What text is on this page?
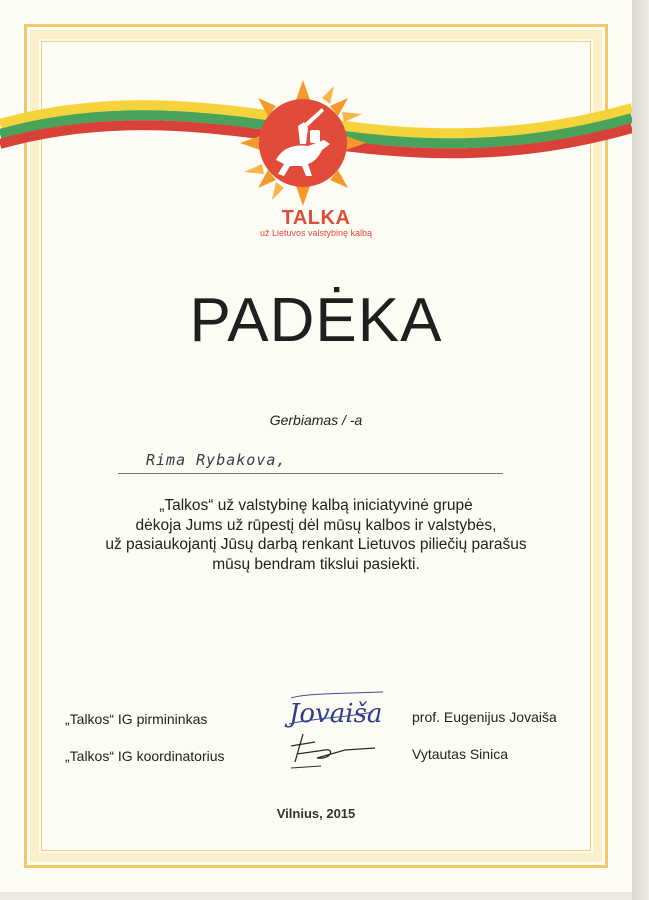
TALKA
už Lietuvos valstybinę kalbą
PADĖKA
Gerbiamas / -a
Rima Rybakova,
„Talkos“ už valstybinę kalbą iniciatyvinė grupė
dėkoja Jums už rūpestį dėl mūsų kalbos ir valstybės,
už pasiaukojantį Jūsų darbą renkant Lietuvos piliečių parašus
mūsų bendram tikslui pasiekti.
„Talkos“ IG pirmininkas	prof. Eugenijus Jovaiša
Jovaiša
„Talkos“ IG koordinatorius	Vytautas Sinica
Vilnius, 2015
